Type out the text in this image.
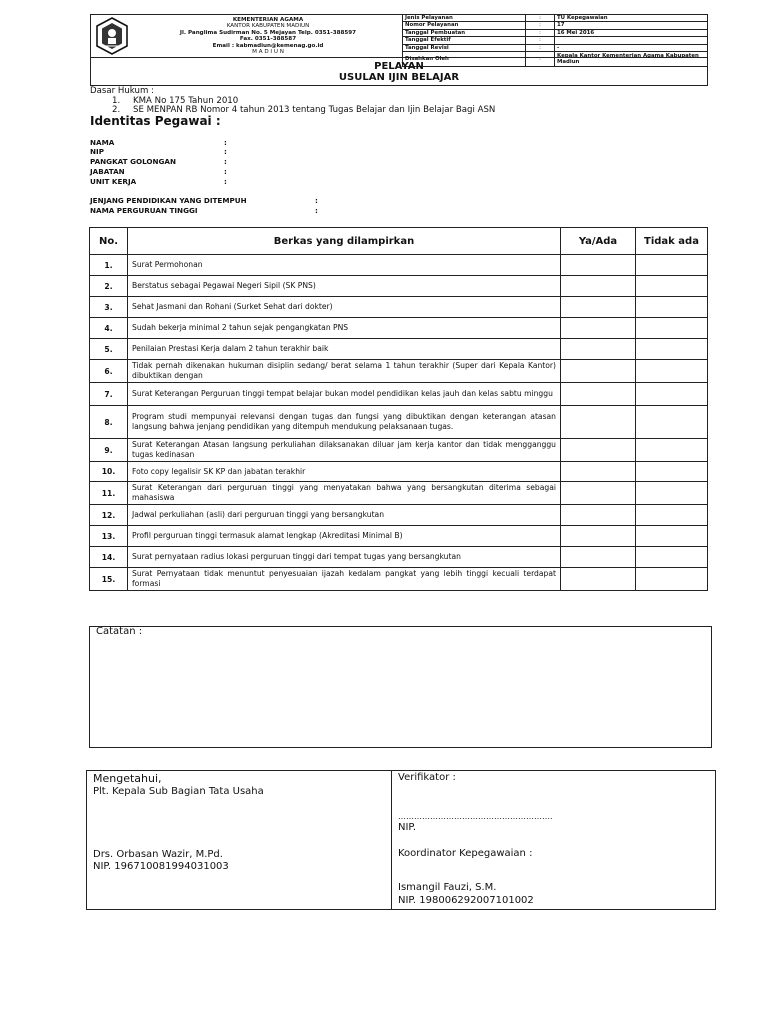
KEMENTERIAN AGAMA
KANTOR KABUPATEN MADIUN
Jl. Panglima Sudirman No. 5 Mejayan Telp. 0351-388597
Fax. 0351-388587
Email : kabmadiun@kemenag.go.id
M A D I U N
Jenis Pelayanan	:	TU Kepegawaian
Nomor Pelayanan	:	17
Tanggal Pembuatan	:	16 Mei 2016
Tanggal Efektif	:	
Tanggal Revisi	:	-
Disahkan Oleh	:	Kepala Kantor Kementerian Agama Kabupaten Madiun
PELAYAN
USULAN IJIN BELAJAR
Dasar Hukum :
1. KMA No 175 Tahun 2010
2. SE MENPAN RB Nomor 4 tahun 2013 tentang Tugas Belajar dan Ijin Belajar Bagi ASN
Identitas Pegawai :
NAMA	:
NIP	:
PANGKAT GOLONGAN	:
JABATAN	:
UNIT KERJA	:
JENJANG PENDIDIKAN YANG DITEMPUH	:
NAMA PERGURUAN TINGGI	:
No.	Berkas yang dilampirkan	Ya/Ada	Tidak ada
1.	Surat Permohonan		
2.	Berstatus sebagai Pegawai Negeri Sipil (SK PNS)		
3.	Sehat Jasmani dan Rohani (Surket Sehat dari dokter)		
4.	Sudah bekerja minimal 2 tahun sejak pengangkatan PNS		
5.	Penilaian Prestasi Kerja dalam 2 tahun terakhir baik		
6.	Tidak pernah dikenakan hukuman disiplin sedang/ berat selama 1 tahun terakhir (Super dari Kepala Kantor) dibuktikan dengan		
7.	Surat Keterangan Perguruan tinggi tempat belajar bukan model pendidikan kelas jauh dan kelas sabtu minggu		
8.	Program studi mempunyai relevansi dengan tugas dan fungsi yang dibuktikan dengan keterangan atasan langsung bahwa jenjang pendidikan yang ditempuh mendukung pelaksanaan tugas.		
9.	Surat Keterangan Atasan langsung perkuliahan dilaksanakan diluar jam kerja kantor dan tidak mengganggu tugas kedinasan		
10.	Foto copy legalisir SK KP dan jabatan terakhir		
11.	Surat Keterangan dari perguruan tinggi yang menyatakan bahwa yang bersangkutan diterima sebagai mahasiswa		
12.	Jadwal perkuliahan (asli) dari perguruan tinggi yang bersangkutan		
13.	Profil perguruan tinggi termasuk alamat lengkap (Akreditasi Minimal B)		
14.	Surat pernyataan radius lokasi perguruan tinggi dari tempat tugas yang bersangkutan		
15.	Surat Pernyataan tidak menuntut penyesuaian ijazah kedalam pangkat yang lebih tinggi kecuali terdapat formasi		
Catatan :
Mengetahui,
Plt. Kepala Sub Bagian Tata Usaha
Drs. Orbasan Wazir, M.Pd.
NIP. 196710081994031003
Verifikator :
………………………………………………….
NIP.
Koordinator Kepegawaian :
Ismangil Fauzi, S.M.
NIP. 198006292007101002
